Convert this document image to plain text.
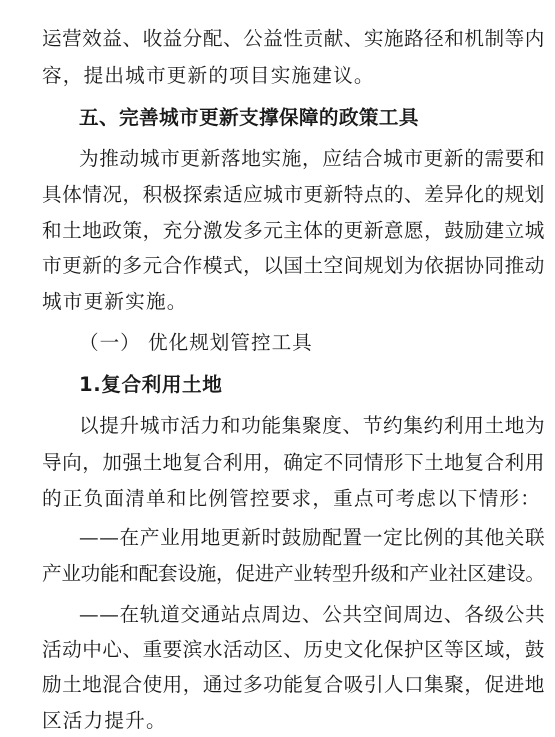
运营效益、收益分配、公益性贡献、实施路径和机制等内
容，提出城市更新的项目实施建议。
五、完善城市更新支撑保障的政策工具
为推动城市更新落地实施，应结合城市更新的需要和
具体情况，积极探索适应城市更新特点的、差异化的规划
和土地政策，充分激发多元主体的更新意愿，鼓励建立城
市更新的多元合作模式，以国土空间规划为依据协同推动
城市更新实施。
（一） 优化规划管控工具
1.复合利用土地
以提升城市活力和功能集聚度、节约集约利用土地为
导向，加强土地复合利用，确定不同情形下土地复合利用
的正负面清单和比例管控要求，重点可考虑以下情形：
——在产业用地更新时鼓励配置一定比例的其他关联
产业功能和配套设施，促进产业转型升级和产业社区建设。
——在轨道交通站点周边、公共空间周边、各级公共
活动中心、重要滨水活动区、历史文化保护区等区域，鼓
励土地混合使用，通过多功能复合吸引人口集聚，促进地
区活力提升。
